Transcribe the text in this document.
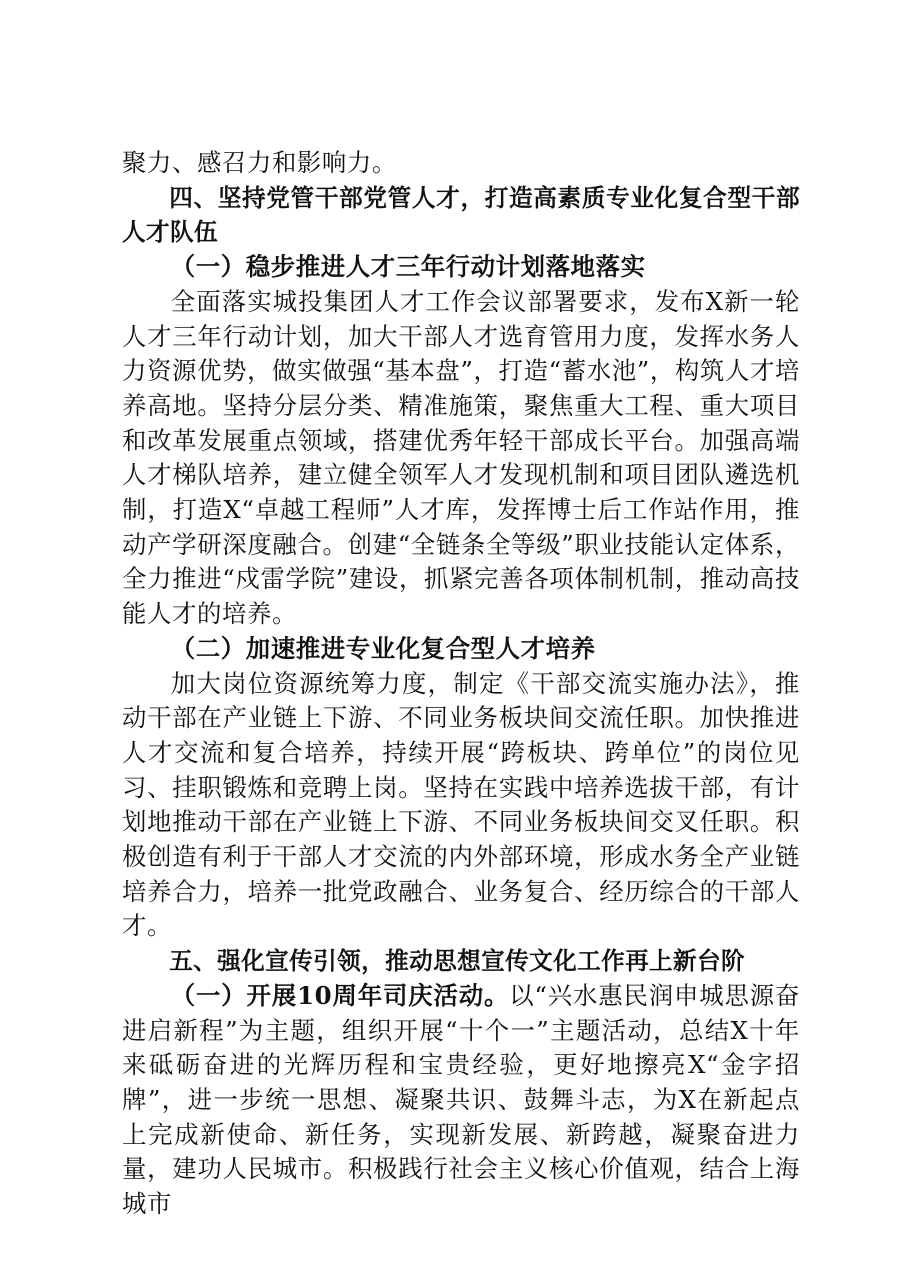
聚力、感召力和影响力。

四、坚持党管干部党管人才，打造高素质专业化复合型干部人才队伍

（一）稳步推进人才三年行动计划落地落实

全面落实城投集团人才工作会议部署要求，发布X新一轮人才三年行动计划，加大干部人才选育管用力度，发挥水务人力资源优势，做实做强“基本盘”，打造“蓄水池”，构筑人才培养高地。坚持分层分类、精准施策，聚焦重大工程、重大项目和改革发展重点领域，搭建优秀年轻干部成长平台。加强高端人才梯队培养，建立健全领军人才发现机制和项目团队遴选机制，打造X“卓越工程师”人才库，发挥博士后工作站作用，推动产学研深度融合。创建“全链条全等级”职业技能认定体系，全力推进“戍雷学院”建设，抓紧完善各项体制机制，推动高技能人才的培养。

（二）加速推进专业化复合型人才培养

加大岗位资源统筹力度，制定《干部交流实施办法》，推动干部在产业链上下游、不同业务板块间交流任职。加快推进人才交流和复合培养，持续开展“跨板块、跨单位”的岗位见习、挂职锻炼和竞聘上岗。坚持在实践中培养选拔干部，有计划地推动干部在产业链上下游、不同业务板块间交叉任职。积极创造有利于干部人才交流的内外部环境，形成水务全产业链培养合力，培养一批党政融合、业务复合、经历综合的干部人才。

五、强化宣传引领，推动思想宣传文化工作再上新台阶

（一）开展10周年司庆活动。以“兴水惠民润申城思源奋进启新程”为主题，组织开展“十个一”主题活动，总结X十年来砥砺奋进的光辉历程和宝贵经验，更好地擦亮X“金字招牌”，进一步统一思想、凝聚共识、鼓舞斗志，为X在新起点上完成新使命、新任务，实现新发展、新跨越，凝聚奋进力量，建功人民城市。积极践行社会主义核心价值观，结合上海城市
